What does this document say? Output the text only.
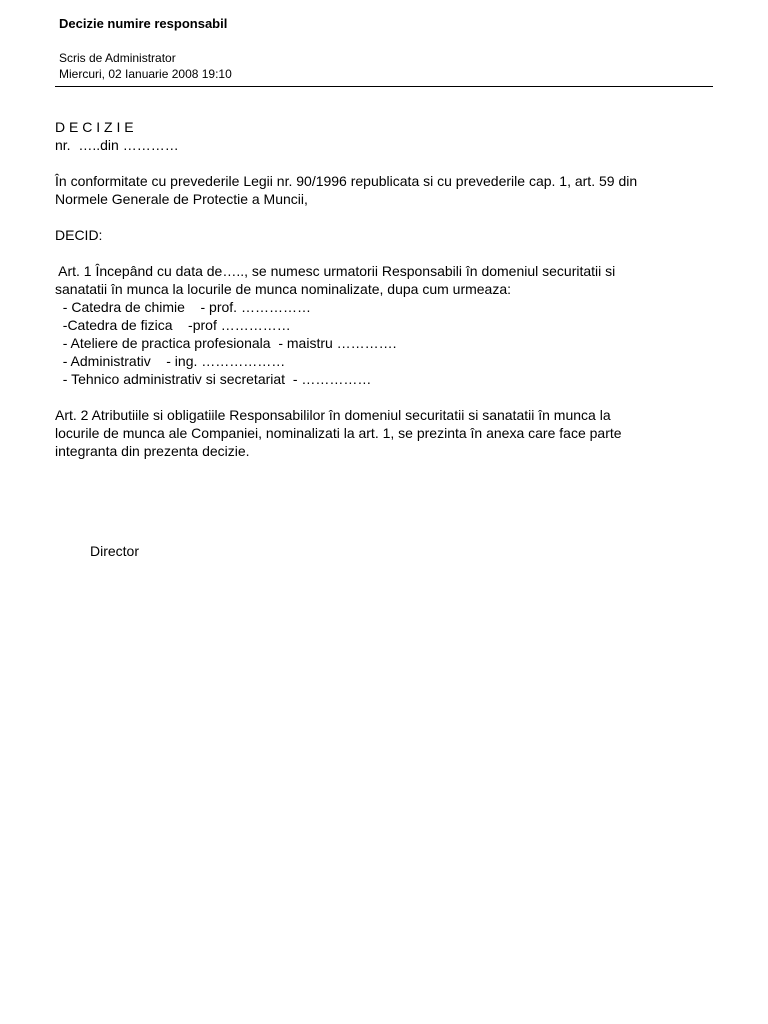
Decizie numire responsabil
Scris de Administrator
Miercuri, 02 Ianuarie 2008 19:10
D E C I Z I E
nr.  …..din …………
În conformitate cu prevederile Legii nr. 90/1996 republicata si cu prevederile cap. 1, art. 59 din
Normele Generale de Protectie a Muncii,
DECID:
Art. 1 Începând cu data de….., se numesc urmatorii Responsabili în domeniul securitatii si
sanatatii în munca la locurile de munca nominalizate, dupa cum urmeaza:
- Catedra de chimie    - prof. ……………
-Catedra de fizica    -prof ……………
- Ateliere de practica profesionala  - maistru ………….
- Administrativ    - ing. ………………
- Tehnico administrativ si secretariat  - ……………
Art. 2 Atributiile si obligatiile Responsabililor în domeniul securitatii si sanatatii în munca la
locurile de munca ale Companiei, nominalizati la art. 1, se prezinta în anexa care face parte
integranta din prezenta decizie.
Director
